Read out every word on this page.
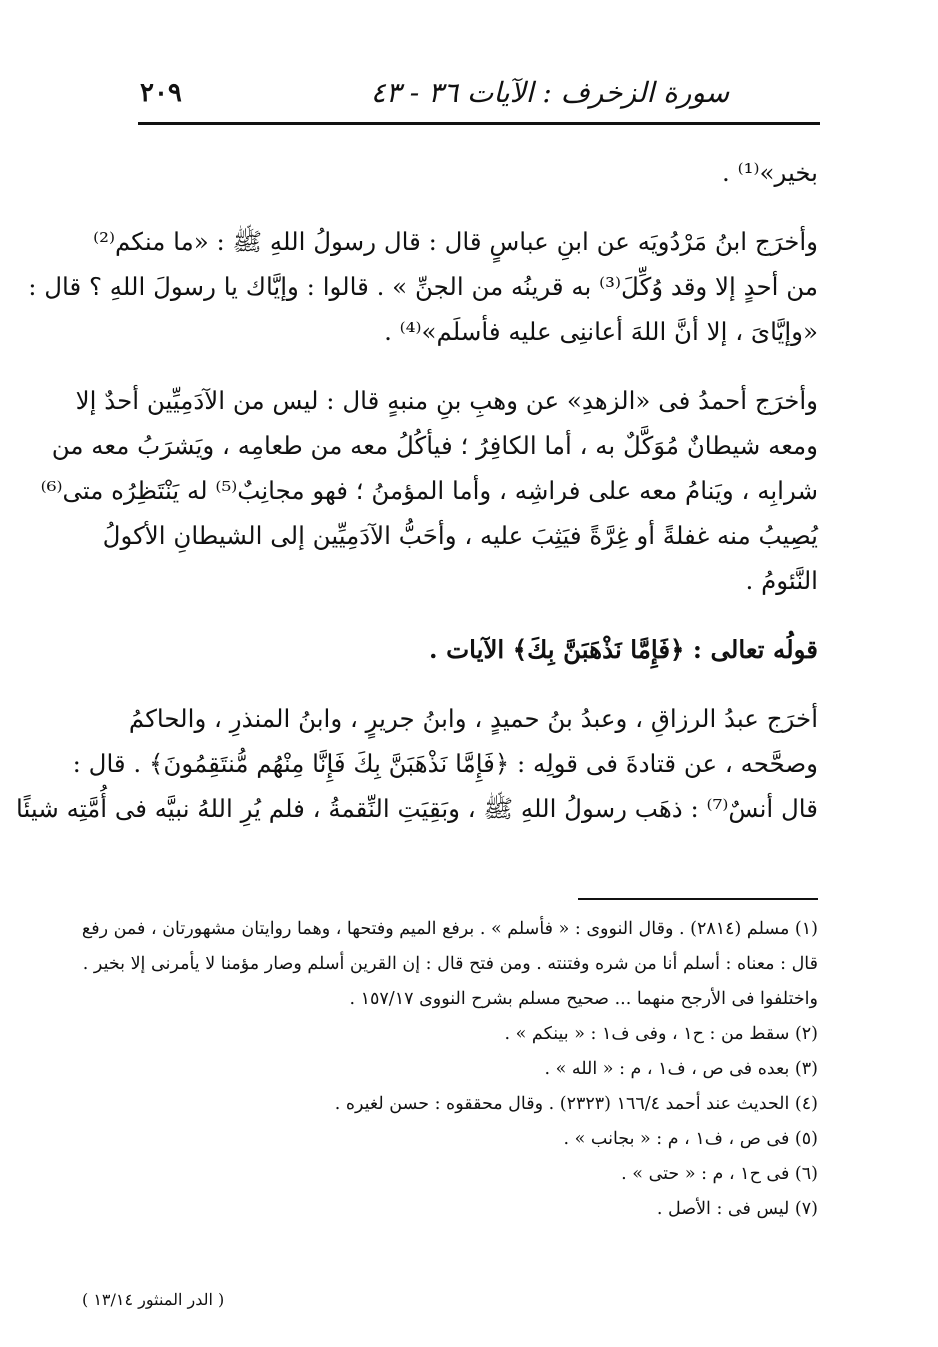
٢٠٩	سورة الزخرف : الآيات ٣٦ - ٤٣

بخير»⁽¹⁾ .

وأخرَج ابنُ مَرْدُويَه عن ابنِ عباسٍ قال : قال رسولُ اللهِ ﷺ : «ما منكم⁽²⁾
من أحدٍ إلا وقد وُكِّلَ⁽³⁾ به قرينُه من الجنِّ » . قالوا : وإيَّاك يا رسولَ اللهِ ؟ قال :
«وإيَّاىَ ، إلا أنَّ اللهَ أعاننِى عليه فأسلَم»⁽⁴⁾ .

وأخرَج أحمدُ فى «الزهدِ» عن وهبِ بنِ منبهٍ قال : ليس من الآدَمِيِّين أحدٌ إلا
ومعه شيطانٌ مُوَكَّلٌ به ، أما الكافِرُ ؛ فيأكُلُ معه من طعامِه ، ويَشرَبُ معه من
شرابِه ، ويَنامُ معه على فراشِه ، وأما المؤمنُ ؛ فهو مجانِبٌ⁽⁵⁾ له يَنْتَظِرُه متى⁽⁶⁾
يُصِيبُ منه غفلةً أو غِرَّةً فيَثِبَ عليه ، وأحَبُّ الآدَمِيِّين إلى الشيطانِ الأكولُ
النَّئومُ .

قولُه تعالى : ﴿فَإِمَّا نَذْهَبَنَّ بِكَ﴾ الآيات .

أخرَج عبدُ الرزاقِ ، وعبدُ بنُ حميدٍ ، وابنُ جريرٍ ، وابنُ المنذرِ ، والحاكمُ
وصحَّحه ، عن قتادةَ فى قولِه : ﴿فَإِمَّا نَذْهَبَنَّ بِكَ فَإِنَّا مِنْهُم مُّنتَقِمُونَ﴾ . قال :
قال أنسٌ⁽⁷⁾ : ذهَب رسولُ اللهِ ﷺ ، وبَقِيَتِ النِّقمةُ ، فلم يُرِ اللهُ نبيَّه فى أُمَّتِه شيئًا

(١) مسلم (٢٨١٤) . وقال النووى : « فأسلم » . برفع الميم وفتحها ، وهما روايتان مشهورتان ، فمن رفع
قال : معناه : أسلم أنا من شره وفتنته . ومن فتح قال : إن القرين أسلم وصار مؤمنا لا يأمرنى إلا بخير .
واختلفوا فى الأرجح منهما ... صحيح مسلم بشرح النووى ١٥٧/١٧ .
(٢) سقط من : ح١ ، وفى ف١ : « بينكم » .
(٣) بعده فى ص ، ف١ ، م : « الله » .
(٤) الحديث عند أحمد ١٦٦/٤ (٢٣٢٣) . وقال محققوه : حسن لغيره .
(٥) فى ص ، ف١ ، م : « بجانب » .
(٦) فى ح١ ، م : « حتى » .
(٧) ليس فى : الأصل .
( الدر المنثور ١٣/١٤ )
